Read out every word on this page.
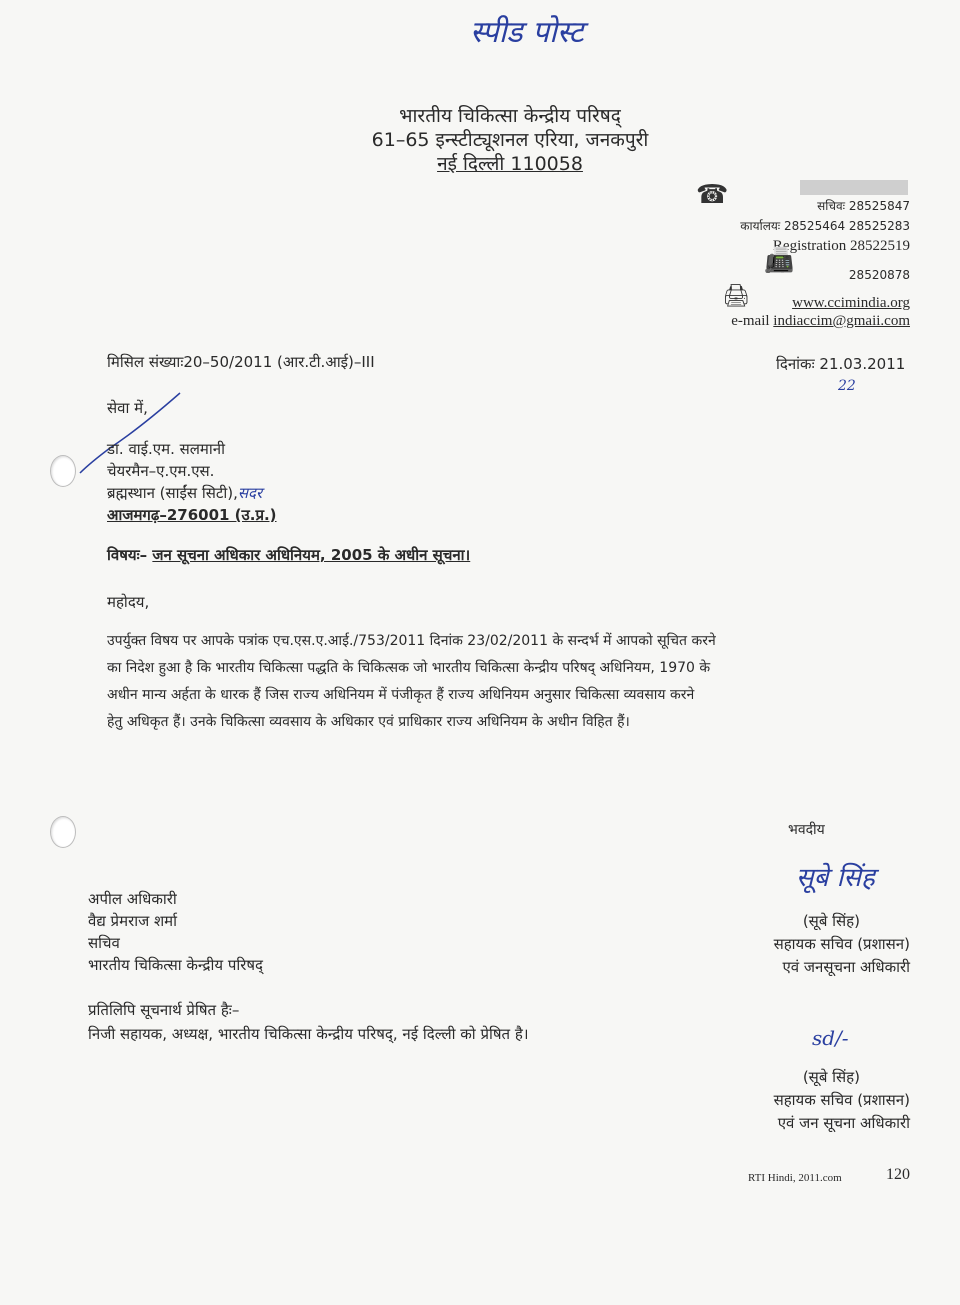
स्पीड पोस्ट
भारतीय चिकित्सा केन्द्रीय परिषद्
61–65 इन्स्टीट्यूशनल एरिया, जनकपुरी
नई दिल्ली 110058
☎	सचिवः 28525847
कार्यालयः 28525464 28525283
Registration 28522519
📠
28520878
🖨	www.ccimindia.org
e-mail indiaccim@gmaii.com
मिसिल संख्याः20–50/2011 (आर.टी.आई)–III	दिनांकः 21.03.2011
22
सेवा में,
डा. वाई.एम. सलमानी
चेयरमैन–ए.एम.एस.
ब्रह्मस्थान (साईंस सिटी),सदर
आजमगढ़–276001 (उ.प्र.)
विषयः– जन सूचना अधिकार अधिनियम, 2005 के अधीन सूचना।
महोदय,
उपर्युक्त विषय पर आपके पत्रांक एच.एस.ए.आई./753/2011 दिनांक 23/02/2011 के सन्दर्भ में आपको सूचित करने
का निदेश हुआ है कि भारतीय चिकित्सा पद्धति के चिकित्सक जो भारतीय चिकित्सा केन्द्रीय परिषद् अधिनियम, 1970 के
अधीन मान्य अर्हता के धारक हैं जिस राज्य अधिनियम में पंजीकृत हैं राज्य अधिनियम अनुसार चिकित्सा व्यवसाय करने
हेतु अधिकृत हैं। उनके चिकित्सा व्यवसाय के अधिकार एवं प्राधिकार राज्य अधिनियम के अधीन विहित हैं।
भवदीय
सूबे सिंह
(सूबे सिंह)
सहायक सचिव (प्रशासन)
एवं जनसूचना अधिकारी
अपील अधिकारी
वैद्य प्रेमराज शर्मा
सचिव
भारतीय चिकित्सा केन्द्रीय परिषद्
प्रतिलिपि सूचनार्थ प्रेषित हैः–
निजी सहायक, अध्यक्ष, भारतीय चिकित्सा केन्द्रीय परिषद्, नई दिल्ली को प्रेषित है।	sd/-
(सूबे सिंह)
सहायक सचिव (प्रशासन)
एवं जन सूचना अधिकारी
RTI Hindi, 2011.com	120
